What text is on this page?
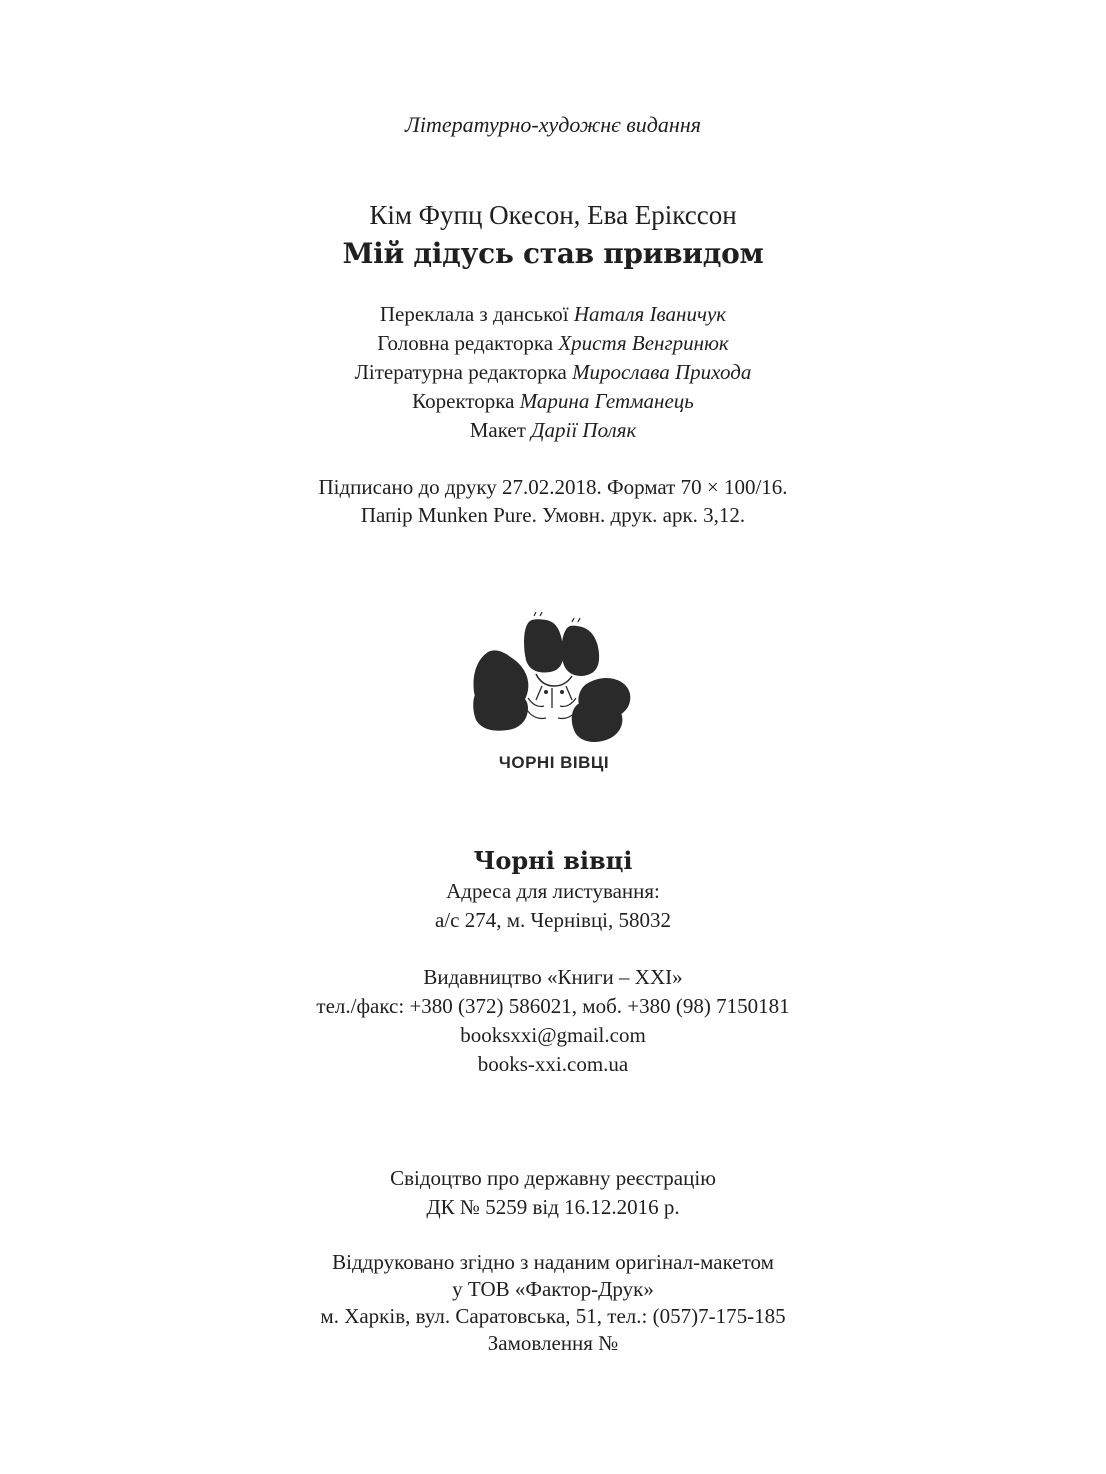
Літературно-художнє видання
Кім Фупц Окесон, Ева Ерікссон
Мій дідусь став привидом
Переклала з данської Наталя Іваничук
Головна редакторка Христя Венгринюк
Літературна редакторка Мирослава Прихода
Коректорка Марина Гетманець
Макет Дарії Поляк
Підписано до друку 27.02.2018. Формат 70 × 100/16.
Папір Munken Pure. Умовн. друк. арк. 3,12.
ЧОРНІ ВІВЦІ
Чорні вівці
Адреса для листування:
а/с 274, м. Чернівці, 58032
Видавництво «Книги – ХХІ»
тел./факс: +380 (372) 586021, моб. +380 (98) 7150181
booksxxi@gmail.com
books-xxi.com.ua
Свідоцтво про державну реєстрацію
ДК № 5259 від 16.12.2016 р.
Віддруковано згідно з наданим оригінал-макетом
у ТОВ «Фактор-Друк»
м. Харків, вул. Саратовська, 51, тел.: (057)7-175-185
Замовлення №
